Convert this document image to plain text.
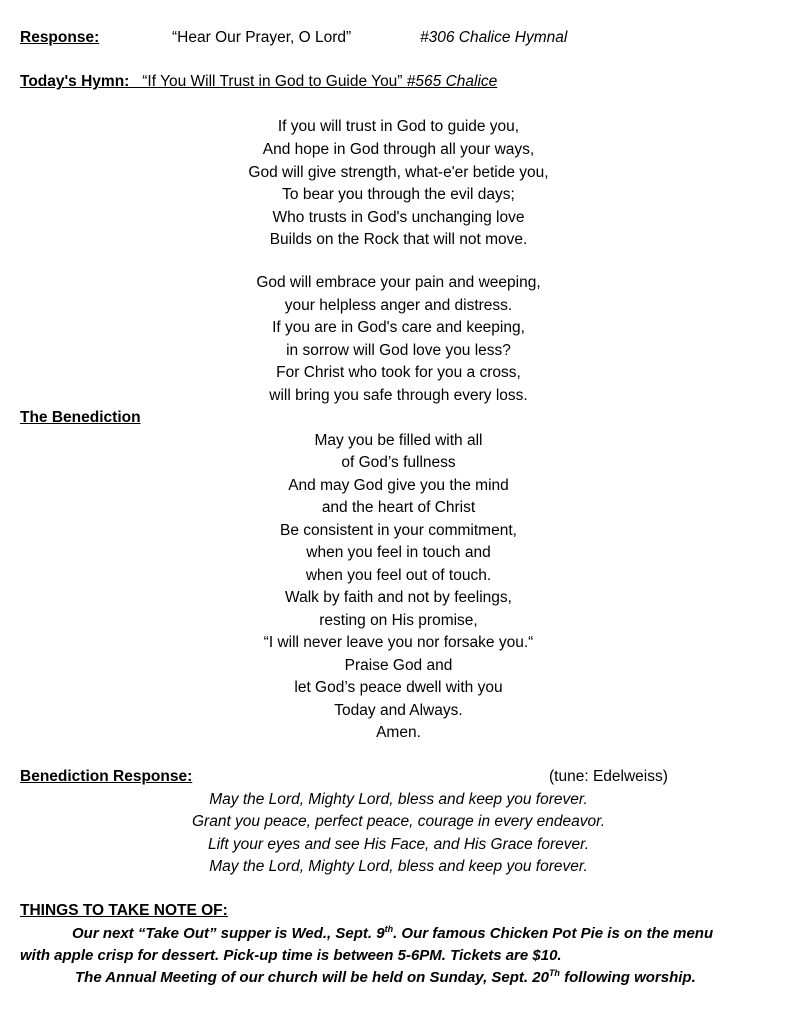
Response:	“Hear Our Prayer, O Lord”	#306 Chalice Hymnal
Today's Hymn: “If You Will Trust in God to Guide You” #565 Chalice
If you will trust in God to guide you,
And hope in God through all your ways,
God will give strength, what-e'er betide you,
To bear you through the evil days;
Who trusts in God's unchanging love
Builds on the Rock that will not move.
God will embrace your pain and weeping,
your helpless anger and distress.
If you are in God's care and keeping,
in sorrow will God love you less?
For Christ who took for you a cross,
will bring you safe through every loss.
The Benediction
May you be filled with all
of God’s fullness
And may God give you the mind
and the heart of Christ
Be consistent in your commitment,
when you feel in touch and
when you feel out of touch.
Walk by faith and not by feelings,
resting on His promise,
“I will never leave you nor forsake you.“
Praise God and
let God’s peace dwell with you
Today and Always.
Amen.
Benediction Response:	(tune: Edelweiss)
May the Lord, Mighty Lord, bless and keep you forever.
Grant you peace, perfect peace, courage in every endeavor.
Lift your eyes and see His Face, and His Grace forever.
May the Lord, Mighty Lord, bless and keep you forever.
THINGS TO TAKE NOTE OF:
Our next “Take Out” supper is Wed., Sept. 9th. Our famous Chicken Pot Pie is on the menu
with apple crisp for dessert. Pick-up time is between 5-6PM. Tickets are $10.
The Annual Meeting of our church will be held on Sunday, Sept. 20Th following worship.
